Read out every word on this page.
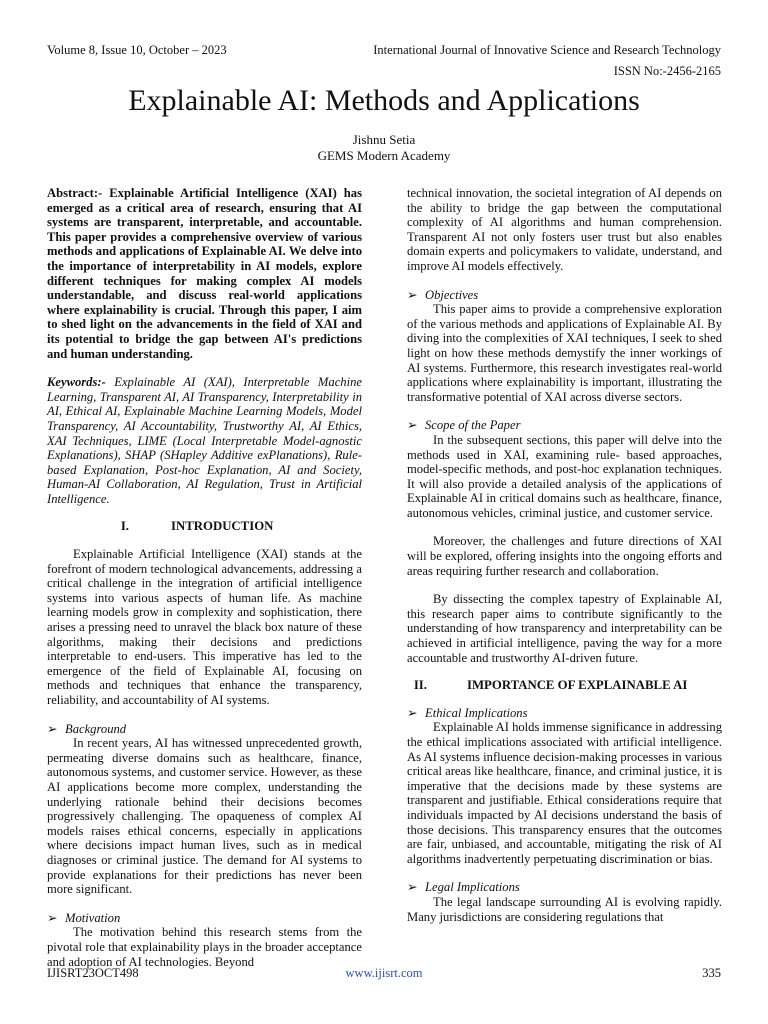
Volume 8, Issue 10, October – 2023	International Journal of Innovative Science and Research Technology
ISSN No:-2456-2165
Explainable AI: Methods and Applications
Jishnu Setia
GEMS Modern Academy

Abstract:- Explainable Artificial Intelligence (XAI) has emerged as a critical area of research, ensuring that AI systems are transparent, interpretable, and accountable. This paper provides a comprehensive overview of various methods and applications of Explainable AI. We delve into the importance of interpretability in AI models, explore different techniques for making complex AI models understandable, and discuss real-world applications where explainability is crucial. Through this paper, I aim to shed light on the advancements in the field of XAI and its potential to bridge the gap between AI's predictions and human understanding.

Keywords:- Explainable AI (XAI), Interpretable Machine Learning, Transparent AI, AI Transparency, Interpretability in AI, Ethical AI, Explainable Machine Learning Models, Model Transparency, AI Accountability, Trustworthy AI, AI Ethics, XAI Techniques, LIME (Local Interpretable Model-agnostic Explanations), SHAP (SHapley Additive exPlanations), Rule-based Explanation, Post-hoc Explanation, AI and Society, Human-AI Collaboration, AI Regulation, Trust in Artificial Intelligence.

I.	INTRODUCTION

Explainable Artificial Intelligence (XAI) stands at the forefront of modern technological advancements, addressing a critical challenge in the integration of artificial intelligence systems into various aspects of human life. As machine learning models grow in complexity and sophistication, there arises a pressing need to unravel the black box nature of these algorithms, making their decisions and predictions interpretable to end-users. This imperative has led to the emergence of the field of Explainable AI, focusing on methods and techniques that enhance the transparency, reliability, and accountability of AI systems.

➢ Background

In recent years, AI has witnessed unprecedented growth, permeating diverse domains such as healthcare, finance, autonomous systems, and customer service. However, as these AI applications become more complex, understanding the underlying rationale behind their decisions becomes progressively challenging. The opaqueness of complex AI models raises ethical concerns, especially in applications where decisions impact human lives, such as in medical diagnoses or criminal justice. The demand for AI systems to provide explanations for their predictions has never been more significant.

➢ Motivation

The motivation behind this research stems from the pivotal role that explainability plays in the broader acceptance and adoption of AI technologies. Beyond

technical innovation, the societal integration of AI depends on the ability to bridge the gap between the computational complexity of AI algorithms and human comprehension. Transparent AI not only fosters user trust but also enables domain experts and policymakers to validate, understand, and improve AI models effectively.

➢ Objectives

This paper aims to provide a comprehensive exploration of the various methods and applications of Explainable AI. By diving into the complexities of XAI techniques, I seek to shed light on how these methods demystify the inner workings of AI systems. Furthermore, this research investigates real-world applications where explainability is important, illustrating the transformative potential of XAI across diverse sectors.

➢ Scope of the Paper

In the subsequent sections, this paper will delve into the methods used in XAI, examining rule- based approaches, model-specific methods, and post-hoc explanation techniques. It will also provide a detailed analysis of the applications of Explainable AI in critical domains such as healthcare, finance, autonomous vehicles, criminal justice, and customer service.

Moreover, the challenges and future directions of XAI will be explored, offering insights into the ongoing efforts and areas requiring further research and collaboration.

By dissecting the complex tapestry of Explainable AI, this research paper aims to contribute significantly to the understanding of how transparency and interpretability can be achieved in artificial intelligence, paving the way for a more accountable and trustworthy AI-driven future.

II.	IMPORTANCE OF EXPLAINABLE AI

➢ Ethical Implications

Explainable AI holds immense significance in addressing the ethical implications associated with artificial intelligence. As AI systems influence decision-making processes in various critical areas like healthcare, finance, and criminal justice, it is imperative that the decisions made by these systems are transparent and justifiable. Ethical considerations require that individuals impacted by AI decisions understand the basis of those decisions. This transparency ensures that the outcomes are fair, unbiased, and accountable, mitigating the risk of AI algorithms inadvertently perpetuating discrimination or bias.

➢ Legal Implications

The legal landscape surrounding AI is evolving rapidly. Many jurisdictions are considering regulations that

IJISRT23OCT498	www.ijisrt.com	335
